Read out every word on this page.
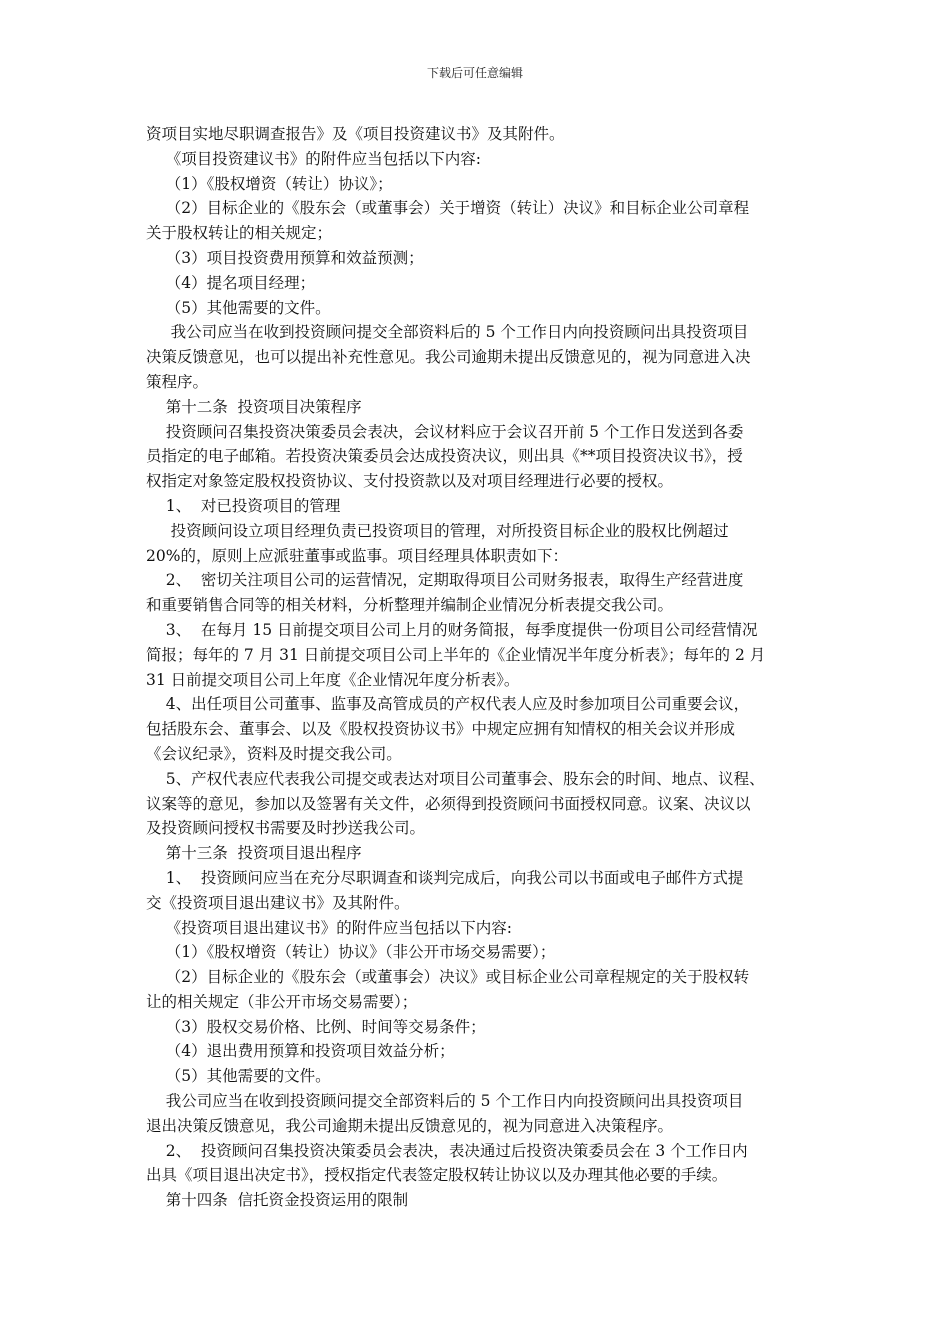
下载后可任意编辑
资项目实地尽职调查报告》及《项目投资建议书》及其附件。
《项目投资建议书》的附件应当包括以下内容:
（1）《股权增资（转让）协议》；
（2）目标企业的《股东会（或董事会）关于增资（转让）决议》和目标企业公司章程
关于股权转让的相关规定；
（3）项目投资费用预算和效益预测；
（4）提名项目经理；
（5）其他需要的文件。
我公司应当在收到投资顾问提交全部资料后的 5 个工作日内向投资顾问出具投资项目
决策反馈意见，也可以提出补充性意见。我公司逾期未提出反馈意见的，视为同意进入决
策程序。
第十二条  投资项目决策程序
投资顾问召集投资决策委员会表决，会议材料应于会议召开前 5 个工作日发送到各委
员指定的电子邮箱。若投资决策委员会达成投资决议，则出具《**项目投资决议书》，授
权指定对象签定股权投资协议、支付投资款以及对项目经理进行必要的授权。
1、  对已投资项目的管理
投资顾问设立项目经理负责已投资项目的管理，对所投资目标企业的股权比例超过
20%的，原则上应派驻董事或监事。项目经理具体职责如下：
2、  密切关注项目公司的运营情况，定期取得项目公司财务报表，取得生产经营进度
和重要销售合同等的相关材料，分析整理并编制企业情况分析表提交我公司。
3、  在每月 15 日前提交项目公司上月的财务简报，每季度提供一份项目公司经营情况
简报；每年的 7 月 31 日前提交项目公司上半年的《企业情况半年度分析表》；每年的 2 月
31 日前提交项目公司上年度《企业情况年度分析表》。
4、出任项目公司董事、监事及高管成员的产权代表人应及时参加项目公司重要会议，
包括股东会、董事会、以及《股权投资协议书》中规定应拥有知情权的相关会议并形成
《会议纪录》，资料及时提交我公司。
5、产权代表应代表我公司提交或表达对项目公司董事会、股东会的时间、地点、议程、
议案等的意见，参加以及签署有关文件，必须得到投资顾问书面授权同意。议案、决议以
及投资顾问授权书需要及时抄送我公司。
第十三条  投资项目退出程序
1、  投资顾问应当在充分尽职调查和谈判完成后，向我公司以书面或电子邮件方式提
交《投资项目退出建议书》及其附件。
《投资项目退出建议书》的附件应当包括以下内容:
（1）《股权增资（转让）协议》（非公开市场交易需要）；
（2）目标企业的《股东会（或董事会）决议》或目标企业公司章程规定的关于股权转
让的相关规定（非公开市场交易需要）；
（3）股权交易价格、比例、时间等交易条件；
（4）退出费用预算和投资项目效益分析；
（5）其他需要的文件。
我公司应当在收到投资顾问提交全部资料后的 5 个工作日内向投资顾问出具投资项目
退出决策反馈意见，我公司逾期未提出反馈意见的，视为同意进入决策程序。
2、  投资顾问召集投资决策委员会表决，表决通过后投资决策委员会在 3 个工作日内
出具《项目退出决定书》，授权指定代表签定股权转让协议以及办理其他必要的手续。
第十四条  信托资金投资运用的限制
